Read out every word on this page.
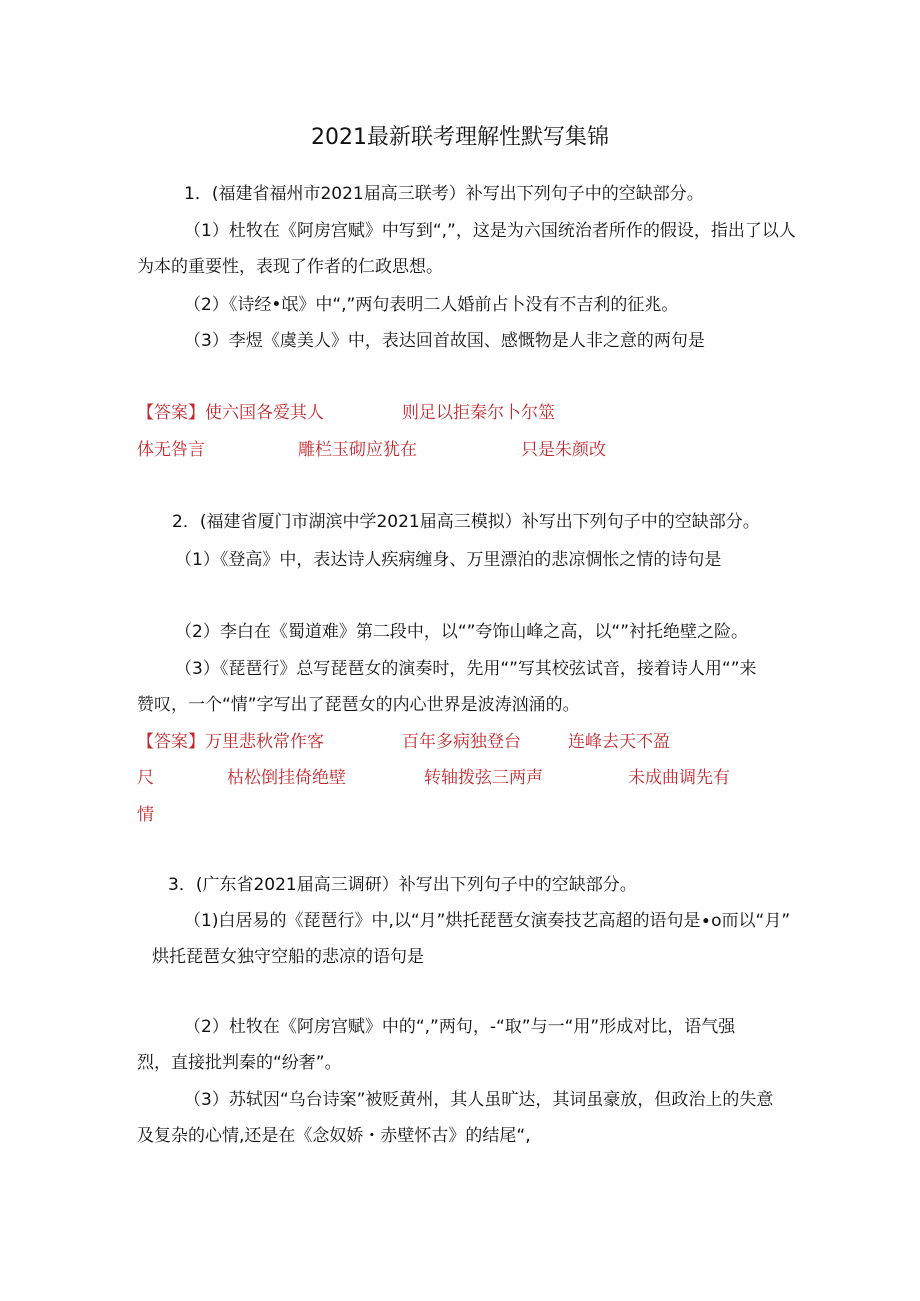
2021最新联考理解性默写集锦
1．(福建省福州市2021届高三联考）补写出下列句子中的空缺部分。
（1）杜牧在《阿房宫赋》中写到“,”，这是为六国统治者所作的假设，指出了以人
为本的重要性，表现了作者的仁政思想。
（2）《诗经•氓》中“,”两句表明二人婚前占卜没有不吉利的征兆。
（3）李煜《虞美人》中，表达回首故国、感慨物是人非之意的两句是
【答案】 使六国各爱其人	则足以拒秦尔卜尔筮
体无咎言	雕栏玉砌应犹在	只是朱颜改
2．(福建省厦门市湖滨中学2021届高三模拟）补写出下列句子中的空缺部分。
（1）《登高》中，表达诗人疾病缠身、万里漂泊的悲凉惆怅之情的诗句是
（2）李白在《蜀道难》第二段中，以“”夸饰山峰之高，以“”衬托绝壁之险。
（3）《琵琶行》总写琵琶女的演奏时，先用“”写其校弦试音，接着诗人用“”来
赞叹，一个“情”字写出了琵琶女的内心世界是波涛汹涌的。
【答案】 万里悲秋常作客	百年多病独登台	连峰去天不盈
尺	枯松倒挂倚绝壁	转轴拨弦三两声	未成曲调先有
情
3．(广东省2021届高三调研）补写出下列句子中的空缺部分。
（1)白居易的《琵琶行》中,以“月”烘托琵琶女演奏技艺高超的语句是∙o而以“月”
烘托琵琶女独守空船的悲凉的语句是
（2）杜牧在《阿房宫赋》中的“,”两句，-“取”与一“用”形成对比，语气强
烈，直接批判秦的“纷奢”。
（3）苏轼因“乌台诗案”被贬黄州，其人虽旷达，其词虽豪放，但政治上的失意
及复杂的心情,还是在《念奴娇・赤壁怀古》的结尾“,
